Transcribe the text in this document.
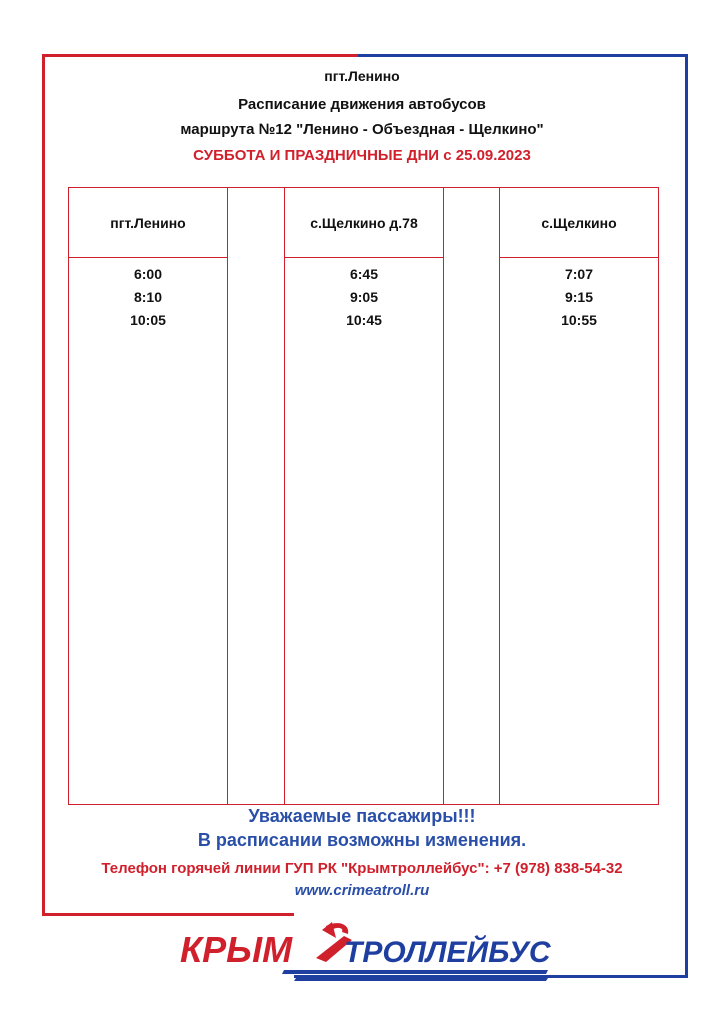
пгт.Ленино
Расписание движения автобусов
маршрута №12 "Ленино - Объездная - Щелкино"
СУББОТА И ПРАЗДНИЧНЫЕ ДНИ с 25.09.2023
пгт.Ленино
6:00
8:10
10:05
с.Щелкино д.78
6:45
9:05
10:45
с.Щелкино
7:07
9:15
10:55
Уважаемые пассажиры!!!
В расписании возможны изменения.
Телефон горячей линии ГУП РК "Крымтроллейбус": +7 (978) 838-54-32
www.crimeatroll.ru
КРЫМ ТРОЛЛЕЙБУС
